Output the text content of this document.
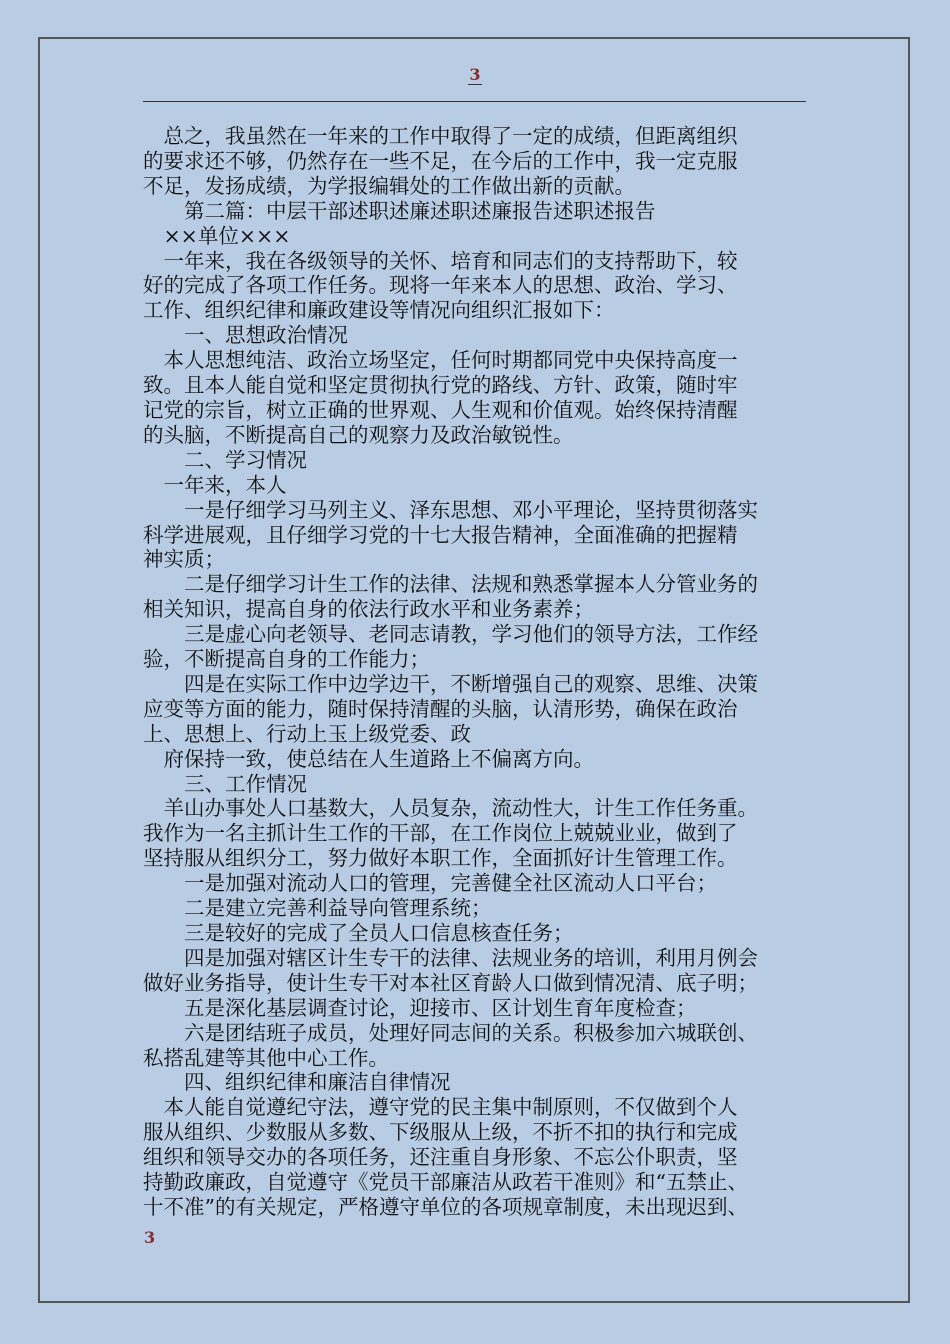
3

　总之，我虽然在一年来的工作中取得了一定的成绩，但距离组织

的要求还不够，仍然存在一些不足，在今后的工作中，我一定克服

不足，发扬成绩，为学报编辑处的工作做出新的贡献。

　　第二篇：中层干部述职述廉述职述廉报告述职述报告

　××单位×××

　一年来，我在各级领导的关怀、培育和同志们的支持帮助下，较

好的完成了各项工作任务。现将一年来本人的思想、政治、学习、

工作、组织纪律和廉政建设等情况向组织汇报如下：

　　一、思想政治情况

　本人思想纯洁、政治立场坚定，任何时期都同党中央保持高度一

致。且本人能自觉和坚定贯彻执行党的路线、方针、政策，随时牢

记党的宗旨，树立正确的世界观、人生观和价值观。始终保持清醒

的头脑，不断提高自己的观察力及政治敏锐性。

　　二、学习情况

　一年来，本人

　　一是仔细学习马列主义、泽东思想、邓小平理论，坚持贯彻落实

科学进展观，且仔细学习党的十七大报告精神，全面准确的把握精

神实质；

　　二是仔细学习计生工作的法律、法规和熟悉掌握本人分管业务的

相关知识，提高自身的依法行政水平和业务素养；

　　三是虚心向老领导、老同志请教，学习他们的领导方法，工作经

验，不断提高自身的工作能力；

　　四是在实际工作中边学边干，不断增强自己的观察、思维、决策

应变等方面的能力，随时保持清醒的头脑，认清形势，确保在政治

上、思想上、行动上玉上级党委、政

　府保持一致，使总结在人生道路上不偏离方向。

　　三、工作情况

　羊山办事处人口基数大，人员复杂，流动性大，计生工作任务重。

我作为一名主抓计生工作的干部，在工作岗位上兢兢业业，做到了

坚持服从组织分工，努力做好本职工作，全面抓好计生管理工作。

　　一是加强对流动人口的管理，完善健全社区流动人口平台；

　　二是建立完善利益导向管理系统；

　　三是较好的完成了全员人口信息核查任务；

　　四是加强对辖区计生专干的法律、法规业务的培训，利用月例会

做好业务指导，使计生专干对本社区育龄人口做到情况清、底子明；

　　五是深化基层调查讨论，迎接市、区计划生育年度检查；

　　六是团结班子成员，处理好同志间的关系。积极参加六城联创、

私搭乱建等其他中心工作。

　　四、组织纪律和廉洁自律情况

　本人能自觉遵纪守法，遵守党的民主集中制原则，不仅做到个人

服从组织、少数服从多数、下级服从上级，不折不扣的执行和完成

组织和领导交办的各项任务，还注重自身形象、不忘公仆职责，坚

持勤政廉政，自觉遵守《党员干部廉洁从政若干准则》和“五禁止、

十不准”的有关规定，严格遵守单位的各项规章制度，未出现迟到、

3
